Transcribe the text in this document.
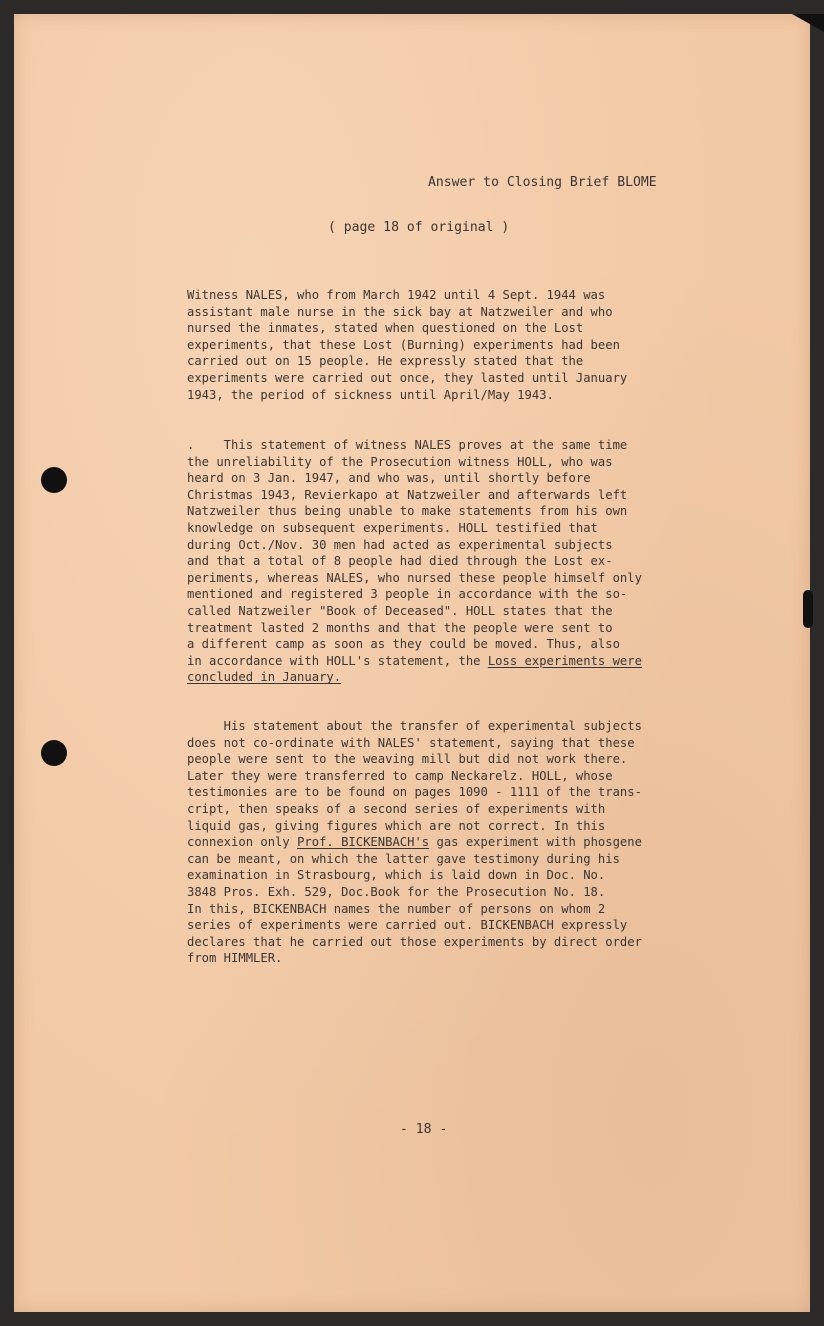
Answer to Closing Brief BLOME
( page 18 of original )
Witness NALES, who from March 1942 until 4 Sept. 1944 was
assistant male nurse in the sick bay at Natzweiler and who
nursed the inmates, stated when questioned on the Lost
experiments, that these Lost (Burning) experiments had been
carried out on 15 people. He expressly stated that the
experiments were carried out once, they lasted until January
1943, the period of sickness until April/May 1943.
.    This statement of witness NALES proves at the same time
the unreliability of the Prosecution witness HOLL, who was
heard on 3 Jan. 1947, and who was, until shortly before
Christmas 1943, Revierkapo at Natzweiler and afterwards left
Natzweiler thus being unable to make statements from his own
knowledge on subsequent experiments. HOLL testified that
during Oct./Nov. 30 men had acted as experimental subjects
and that a total of 8 people had died through the Lost ex-
periments, whereas NALES, who nursed these people himself only
mentioned and registered 3 people in accordance with the so-
called Natzweiler "Book of Deceased". HOLL states that the
treatment lasted 2 months and that the people were sent to
a different camp as soon as they could be moved. Thus, also
in accordance with HOLL's statement, the Loss experiments were
concluded in January.
His statement about the transfer of experimental subjects
does not co-ordinate with NALES' statement, saying that these
people were sent to the weaving mill but did not work there.
Later they were transferred to camp Neckarelz. HOLL, whose
testimonies are to be found on pages 1090 - 1111 of the trans-
cript, then speaks of a second series of experiments with
liquid gas, giving figures which are not correct. In this
connexion only Prof. BICKENBACH's gas experiment with phosgene
can be meant, on which the latter gave testimony during his
examination in Strasbourg, which is laid down in Doc. No.
3848 Pros. Exh. 529, Doc.Book for the Prosecution No. 18.
In this, BICKENBACH names the number of persons on whom 2
series of experiments were carried out. BICKENBACH expressly
declares that he carried out those experiments by direct order
from HIMMLER.
- 18 -
